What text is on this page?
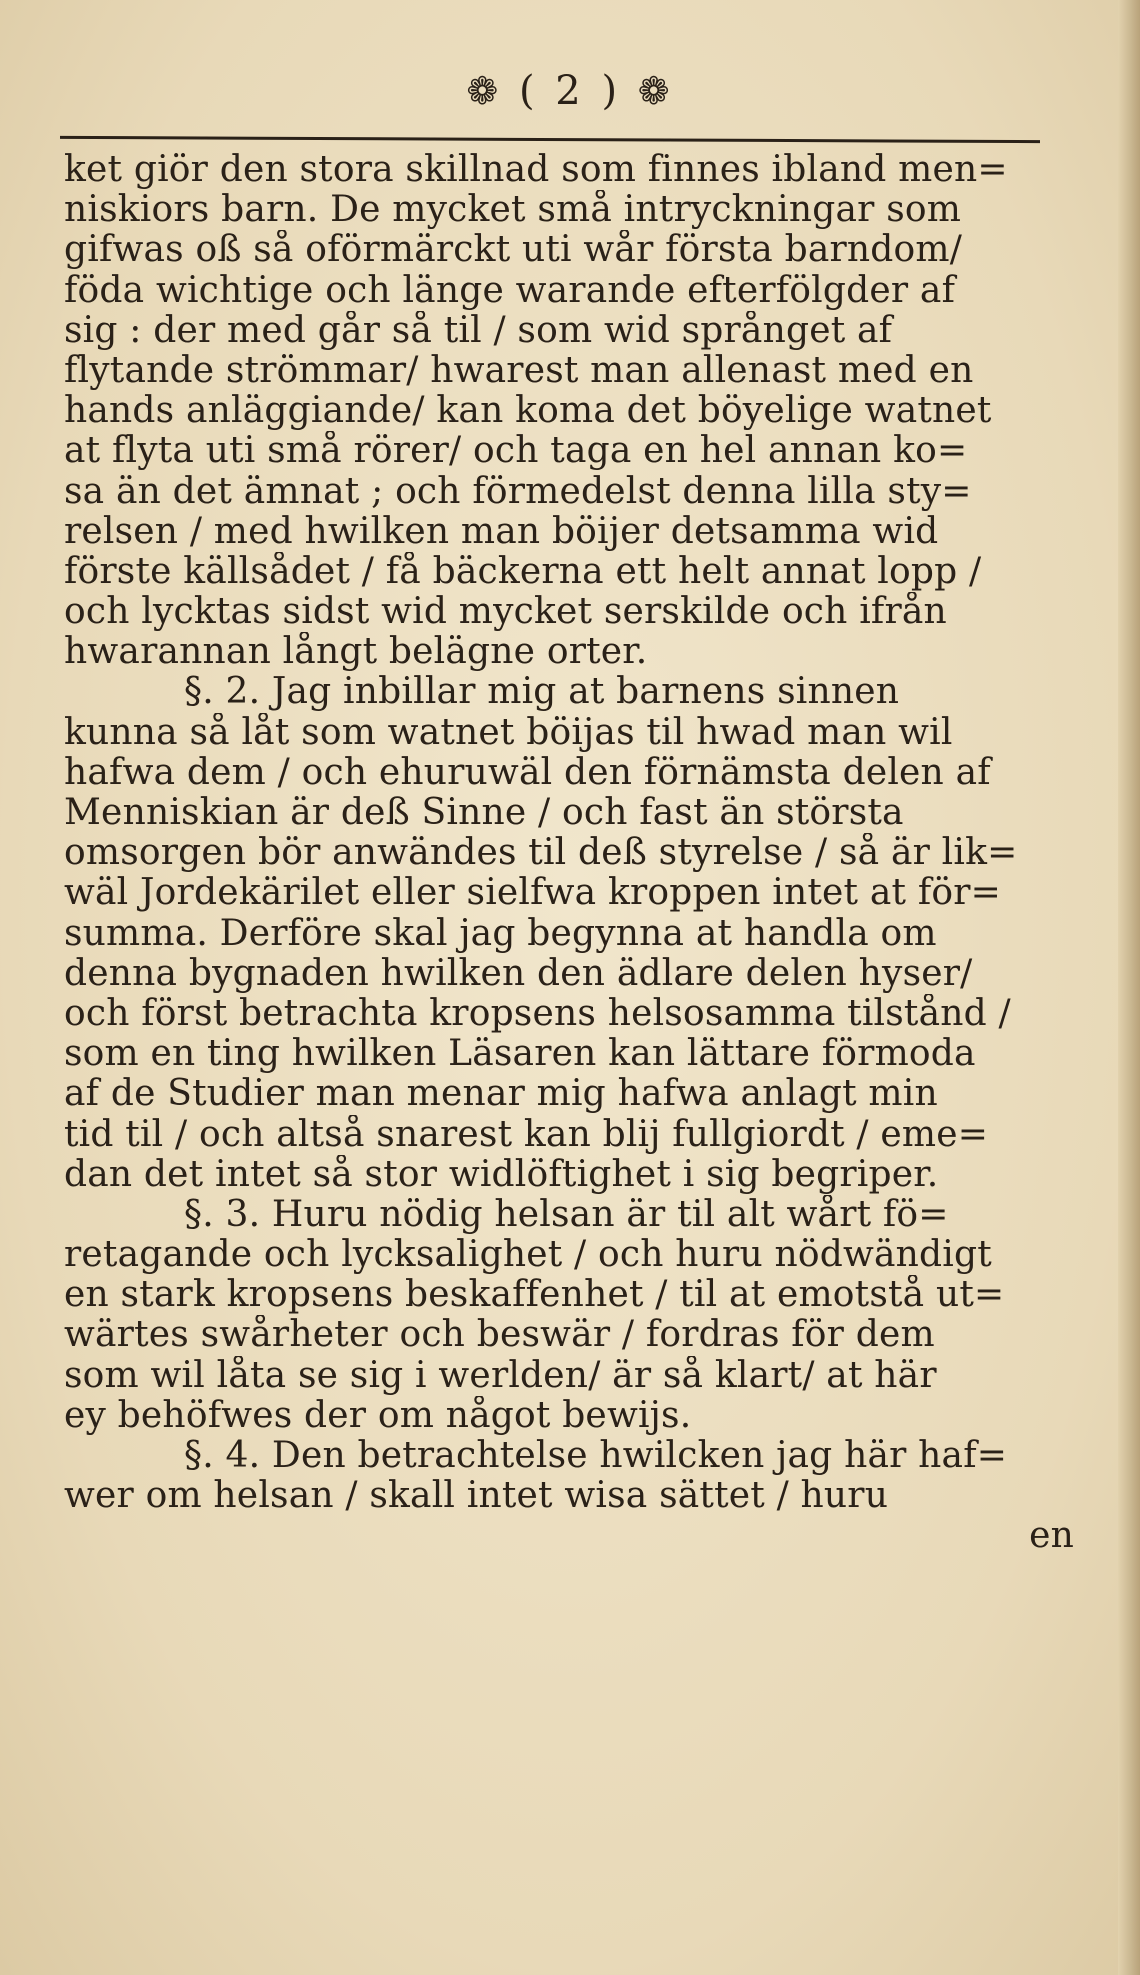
❁ ( 2 ) ❁
ket giör den stora skillnad som finnes ibland men=
niskiors barn. De mycket små intryckningar som
gifwas oß så oförmärckt uti wår första barndom/
föda wichtige och länge warande efterfölgder af
sig : der med går så til / som wid språnget af
flytande strömmar/ hwarest man allenast med en
hands anläggiande/ kan koma det böyelige watnet
at flyta uti små rörer/ och taga en hel annan ko=
sa än det ämnat ; och förmedelst denna lilla sty=
relsen / med hwilken man böijer detsamma wid
förste källsådet / få bäckerna ett helt annat lopp /
och lycktas sidst wid mycket serskilde och ifrån
hwarannan långt belägne orter.
§. 2. Jag inbillar mig at barnens sinnen
kunna så låt som watnet böijas til hwad man wil
hafwa dem / och ehuruwäl den förnämsta delen af
Menniskian är deß Sinne / och fast än största
omsorgen bör anwändes til deß styrelse / så är lik=
wäl Jordekärilet eller sielfwa kroppen intet at för=
summa. Derföre skal jag begynna at handla om
denna bygnaden hwilken den ädlare delen hyser/
och först betrachta kropsens helsosamma tilstånd /
som en ting hwilken Läsaren kan lättare förmoda
af de Studier man menar mig hafwa anlagt min
tid til / och altså snarest kan blij fullgiordt / eme=
dan det intet så stor widlöftighet i sig begriper.
§. 3. Huru nödig helsan är til alt wårt fö=
retagande och lycksalighet / och huru nödwändigt
en stark kropsens beskaffenhet / til at emotstå ut=
wärtes swårheter och beswär / fordras för dem
som wil låta se sig i werlden/ är så klart/ at här
ey behöfwes der om något bewijs.
§. 4. Den betrachtelse hwilcken jag här haf=
wer om helsan / skall intet wisa sättet / huru
en
